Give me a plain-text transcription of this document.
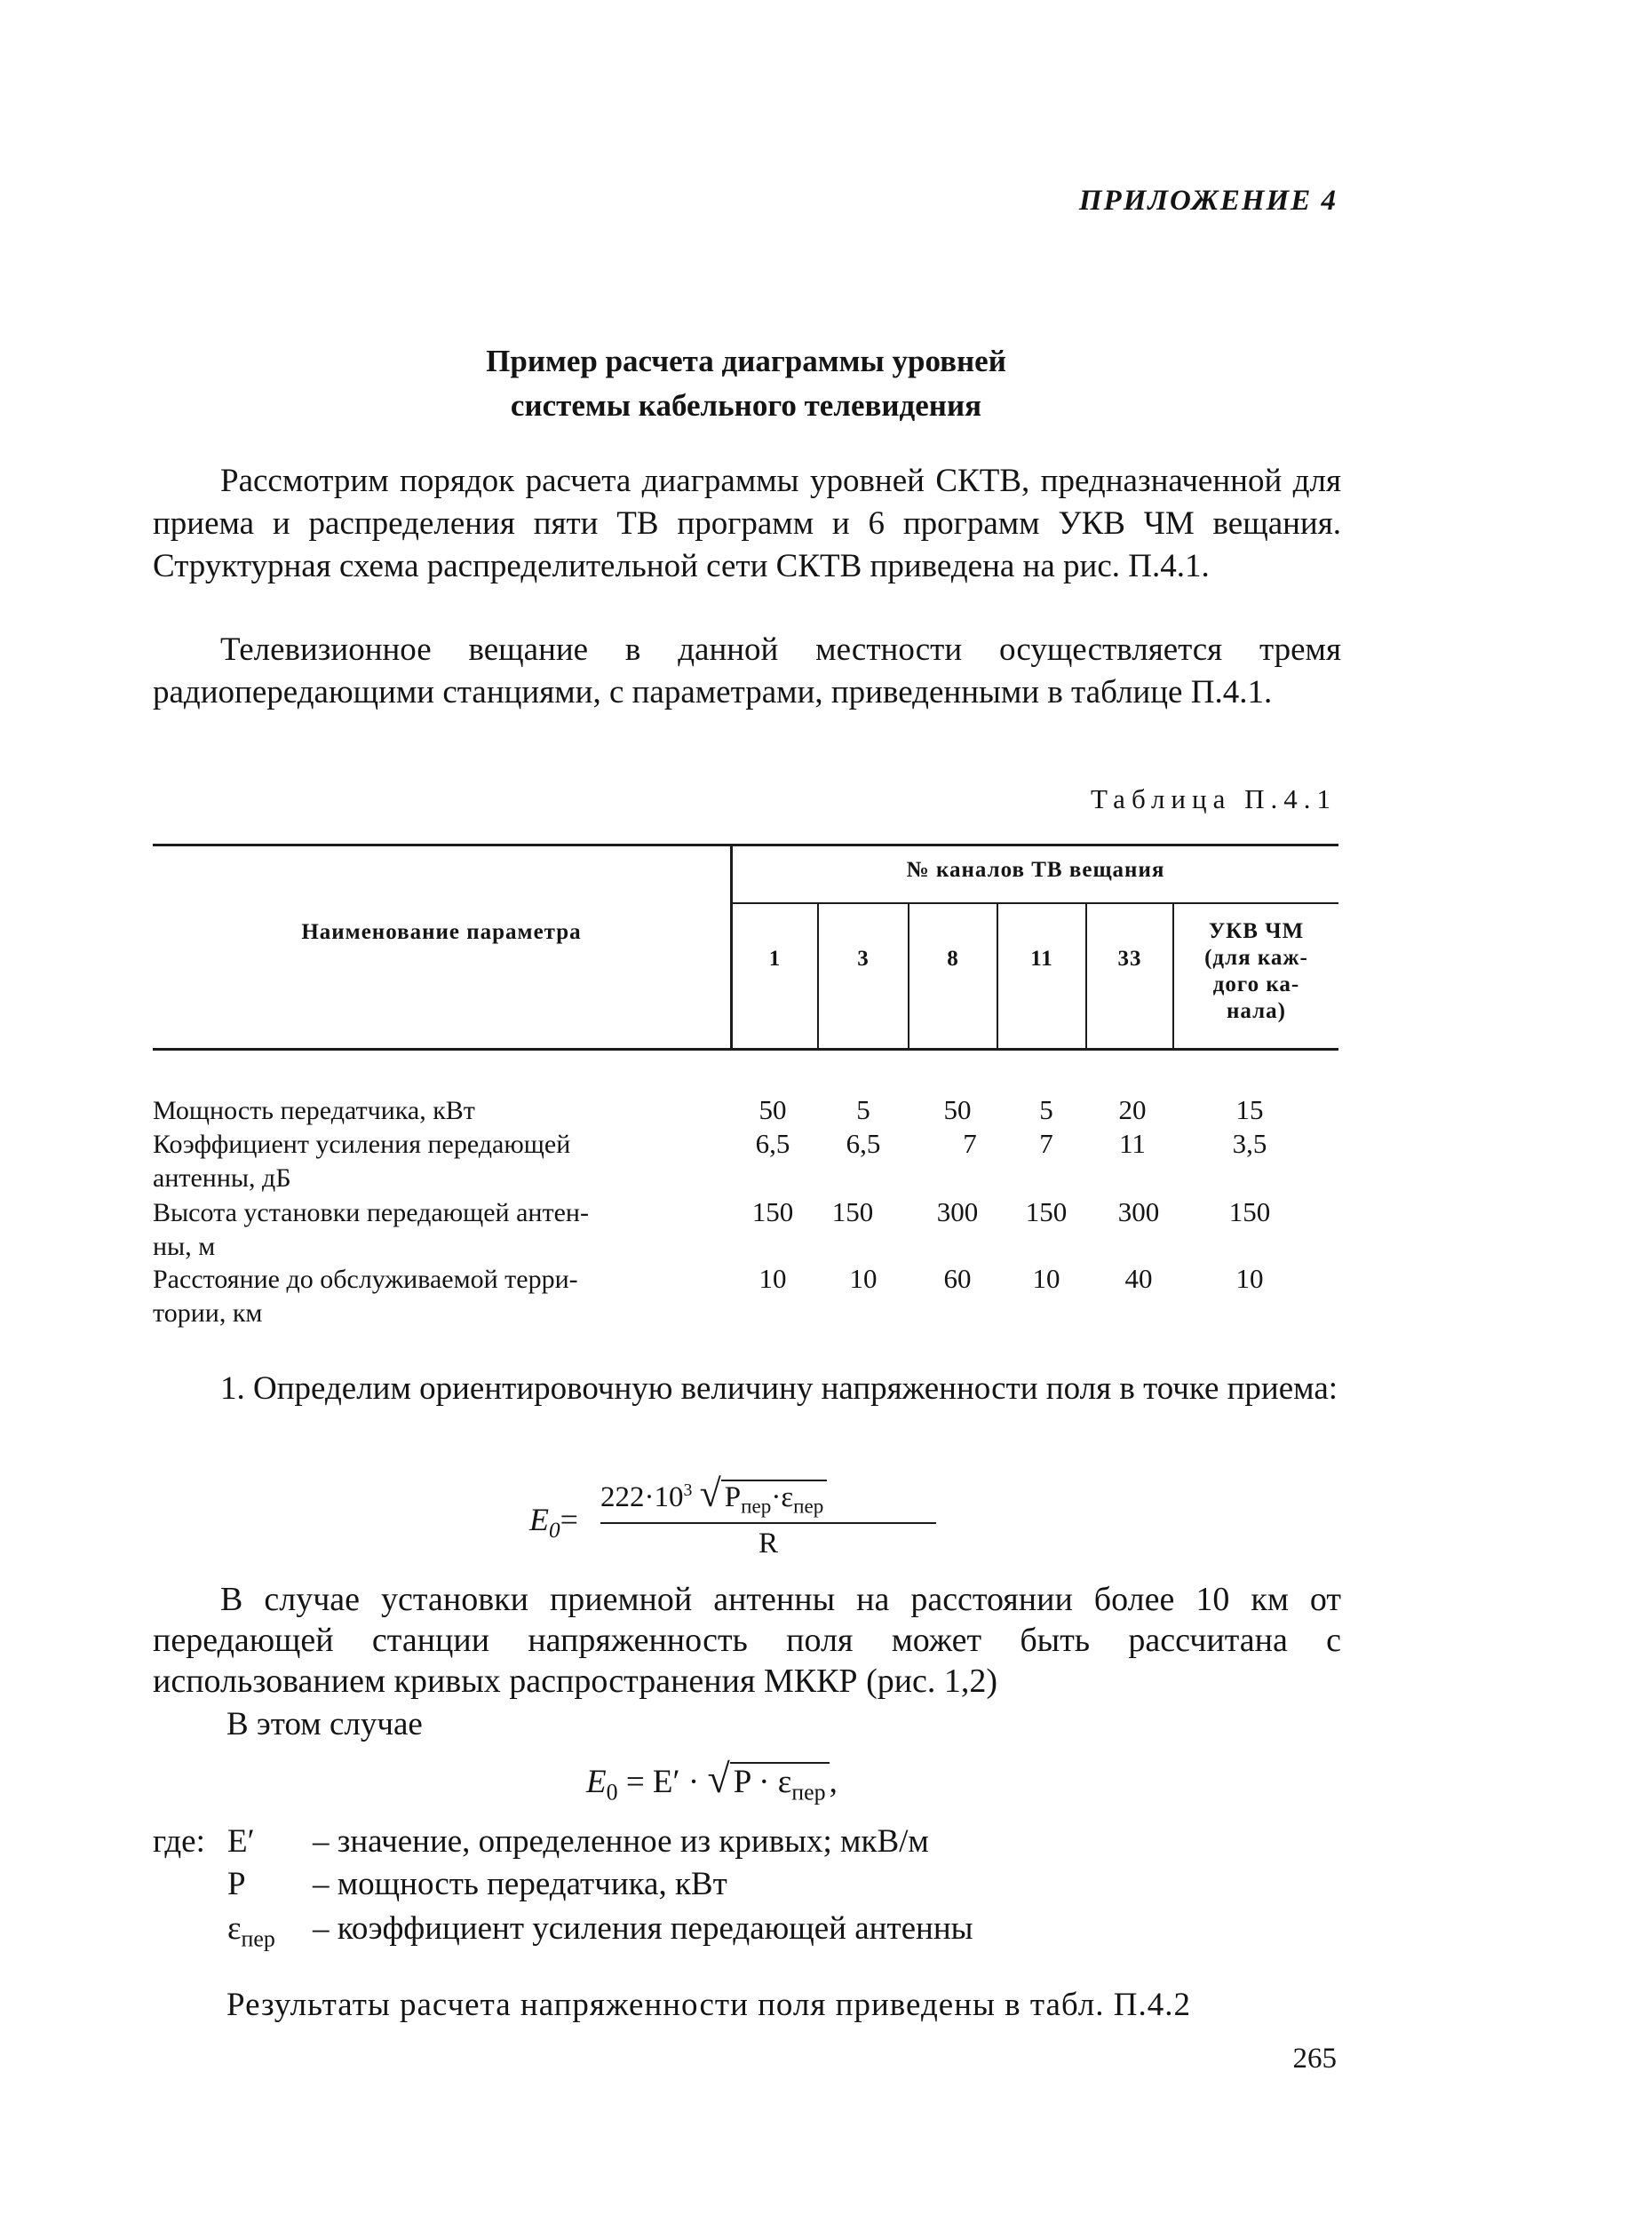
ПРИЛОЖЕНИЕ 4
Пример расчета диаграммы уровней
системы кабельного телевидения
Рассмотрим порядок расчета диаграммы уровней СКТВ, предназначенной для приема и распределения пяти ТВ программ и 6 программ УКВ ЧМ вещания. Структурная схема распределительной сети СКТВ приведена на рис. П.4.1.
Телевизионное вещание в данной местности осуществляется тремя радиопередающими станциями, с параметрами, приведенными в таблице П.4.1.
Таблица П.4.1
Наименование параметра
№ каналов ТВ вещания
1	3	8	11	33
УКВ ЧМ
(для каж-
дого ка-
нала)
Мощность передатчика, кВт	50	5	50	5	20	15
Коэффициент усиления передающей
антенны, дБ
6,5	6,5	7	7	11	3,5
Высота установки передающей антен-
ны, м
150	150	300	150	300	150
Расстояние до обслуживаемой терри-
тории, км
10	10	60	10	40	10
1. Определим ориентировочную величину напряженности поля в точке приема:
$E_0=$
$222\cdot 10^3$ √ $P_{пер}\cdot\varepsilon_{пер}$
R
В случае установки приемной антенны на расстоянии более 10 км от передающей станции напряженность поля может быть рассчитана с использованием кривых распространения МККР (рис. 1,2)
В этом случае
$E_0 = E'$ · √ $P \cdot \varepsilon_{пер}$ ,
где: E′ – значение, определенное из кривых; мкВ/м
P – мощность передатчика, кВт
$\varepsilon_{пер}$ – коэффициент усиления передающей антенны
Результаты расчета напряженности поля приведены в табл. П.4.2
265
